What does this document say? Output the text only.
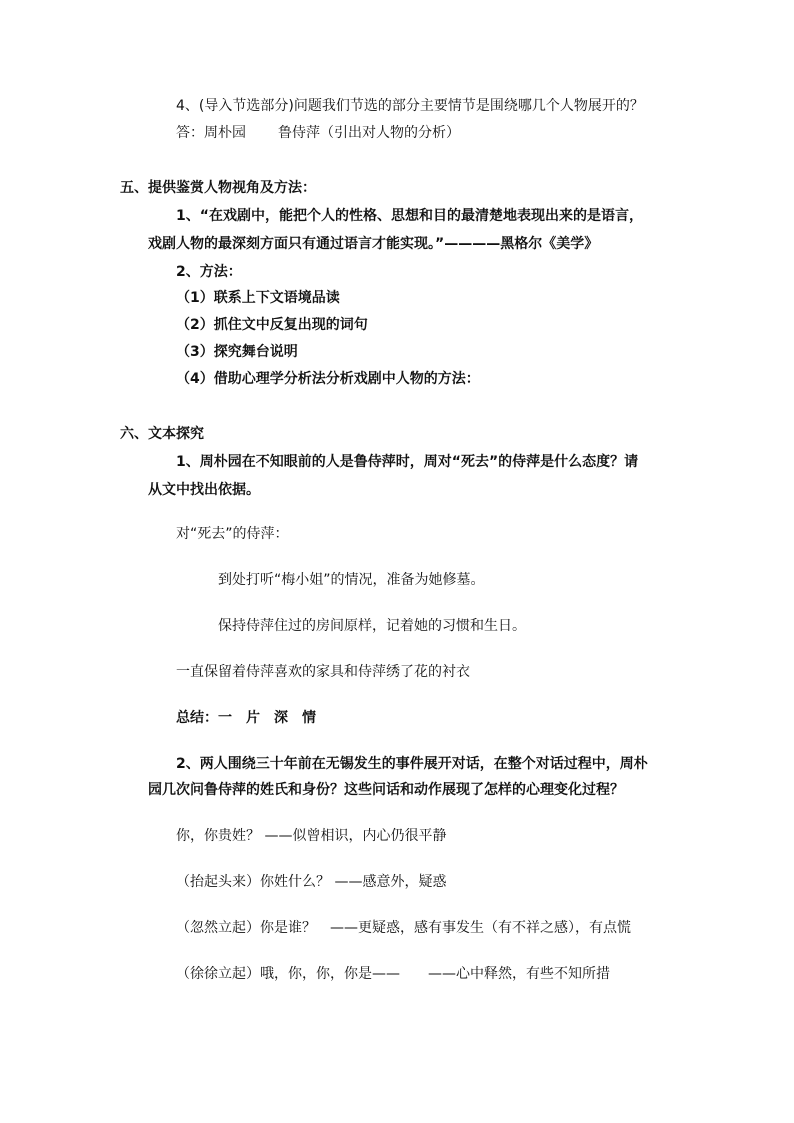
4、(导入节选部分)问题我们节选的部分主要情节是围绕哪几个人物展开的？
答：周朴园 鲁侍萍（引出对人物的分析）
五、提供鉴赏人物视角及方法：
1、“在戏剧中，能把个人的性格、思想和目的最清楚地表现出来的是语言，
戏剧人物的最深刻方面只有通过语言才能实现。”————黑格尔《美学》
2、方法：
（1）联系上下文语境品读
（2）抓住文中反复出现的词句
（3）探究舞台说明
（4）借助心理学分析法分析戏剧中人物的方法：
六、文本探究
1、周朴园在不知眼前的人是鲁侍萍时，周对“死去”的侍萍是什么态度？请
从文中找出依据。
对“死去”的侍萍：
到处打听“梅小姐”的情况，准备为她修墓。
保持侍萍住过的房间原样，记着她的习惯和生日。
一直保留着侍萍喜欢的家具和侍萍绣了花的衬衣
总结：一　片　深　情
2、两人围绕三十年前在无锡发生的事件展开对话，在整个对话过程中，周朴
园几次问鲁侍萍的姓氏和身份？这些问话和动作展现了怎样的心理变化过程？
你，你贵姓？ ——似曾相识，内心仍很平静
（抬起头来）你姓什么？ ——感意外，疑惑
（忽然立起）你是谁？　——更疑惑，感有事发生（有不祥之感），有点慌
（徐徐立起）哦，你，你，你是——　　——心中释然，有些不知所措
